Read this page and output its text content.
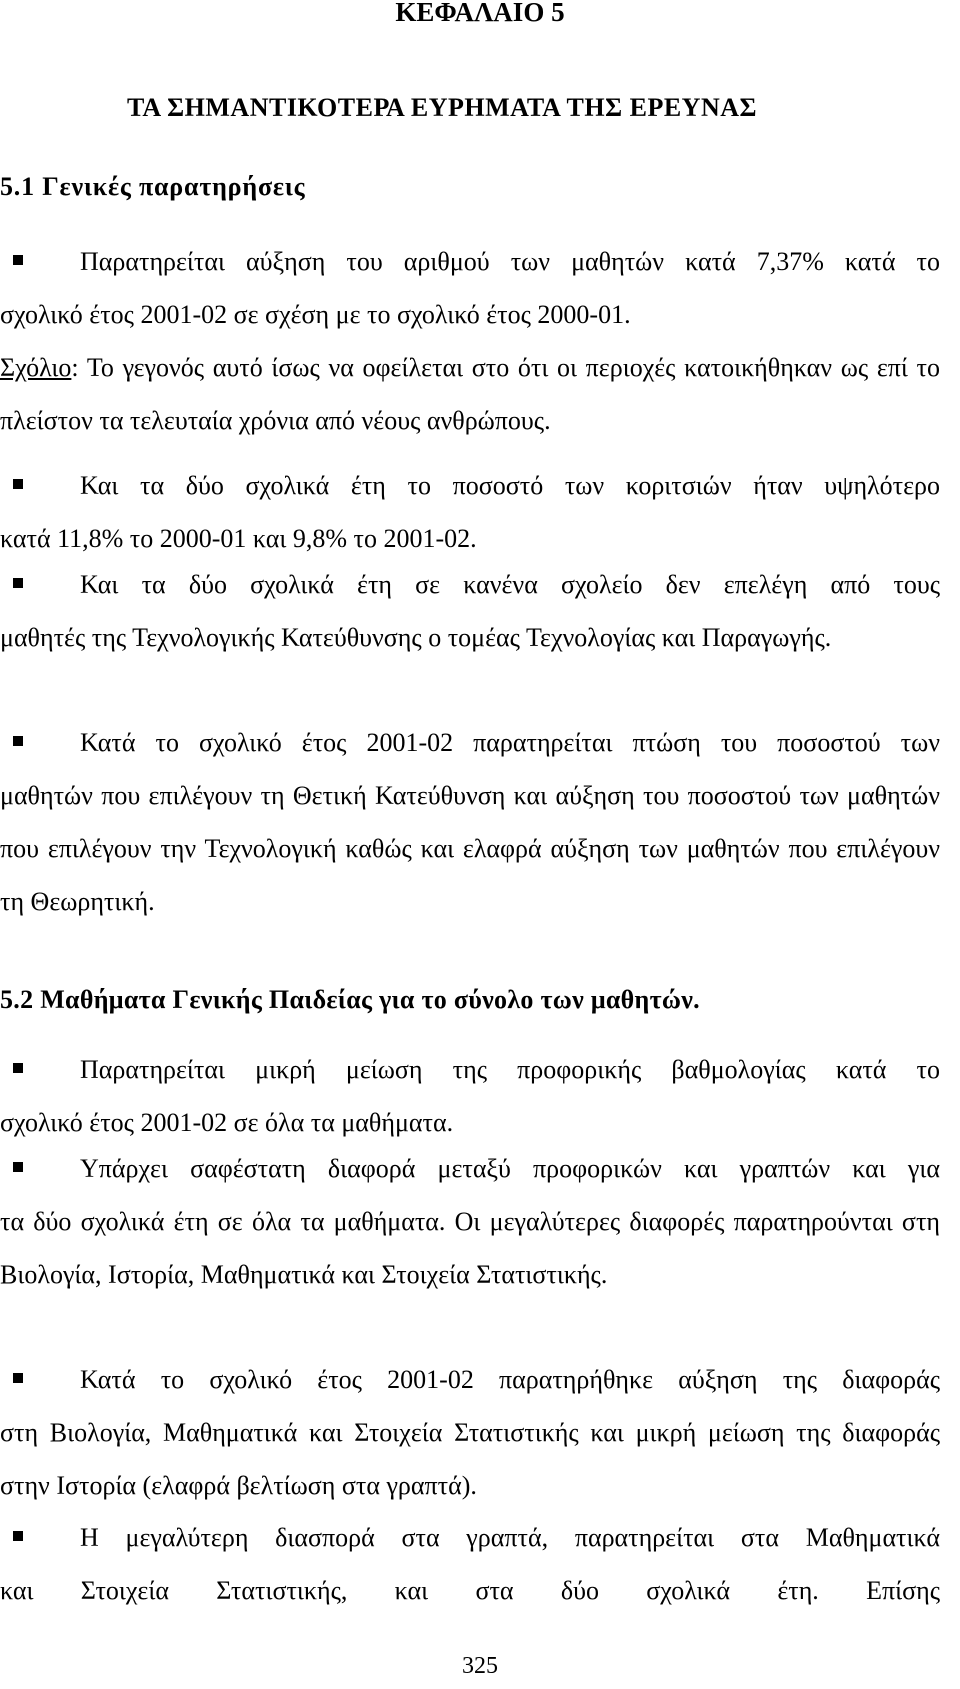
ΚΕΦΑΛΑΙΟ 5
ΤΑ ΣΗΜΑΝΤΙΚΟΤΕΡΑ ΕΥΡΗΜΑΤΑ ΤΗΣ ΕΡΕΥΝΑΣ
5.1 Γενικές παρατηρήσεις
Παρατηρείται αύξηση του αριθμού των μαθητών κατά 7,37% κατά το
σχολικό έτος 2001-02 σε σχέση με το σχολικό έτος 2000-01.
Σχόλιο: Το γεγονός αυτό ίσως να οφείλεται στο ότι οι περιοχές κατοικήθηκαν ως επί το πλείστον τα τελευταία χρόνια από νέους ανθρώπους.
Και τα δύο σχολικά έτη το ποσοστό των κοριτσιών ήταν υψηλότερο
κατά 11,8% το 2000-01 και 9,8% το 2001-02.
Και τα δύο σχολικά έτη σε κανένα σχολείο δεν επελέγη από τους
μαθητές της Τεχνολογικής Κατεύθυνσης ο τομέας Τεχνολογίας και Παραγωγής.
Κατά το σχολικό έτος 2001-02 παρατηρείται πτώση του ποσοστού των
μαθητών που επιλέγουν τη Θετική Κατεύθυνση και αύξηση του ποσοστού των μαθητών που επιλέγουν την Τεχνολογική καθώς και ελαφρά αύξηση των μαθητών που επιλέγουν τη Θεωρητική.
5.2 Μαθήματα Γενικής Παιδείας για το σύνολο των μαθητών.
Παρατηρείται μικρή μείωση της προφορικής βαθμολογίας κατά το
σχολικό έτος 2001-02 σε όλα τα μαθήματα.
Υπάρχει σαφέστατη διαφορά μεταξύ προφορικών και γραπτών και για
τα δύο σχολικά έτη σε όλα τα μαθήματα. Οι μεγαλύτερες διαφορές παρατηρούνται στη Βιολογία, Ιστορία, Μαθηματικά και Στοιχεία Στατιστικής.
Κατά το σχολικό έτος 2001-02 παρατηρήθηκε αύξηση της διαφοράς
στη Βιολογία, Μαθηματικά και Στοιχεία Στατιστικής και μικρή μείωση της διαφοράς στην Ιστορία (ελαφρά βελτίωση στα γραπτά).
Η μεγαλύτερη διασπορά στα γραπτά, παρατηρείται στα Μαθηματικά
και Στοιχεία Στατιστικής, και στα δύο σχολικά έτη. Επίσης
325
